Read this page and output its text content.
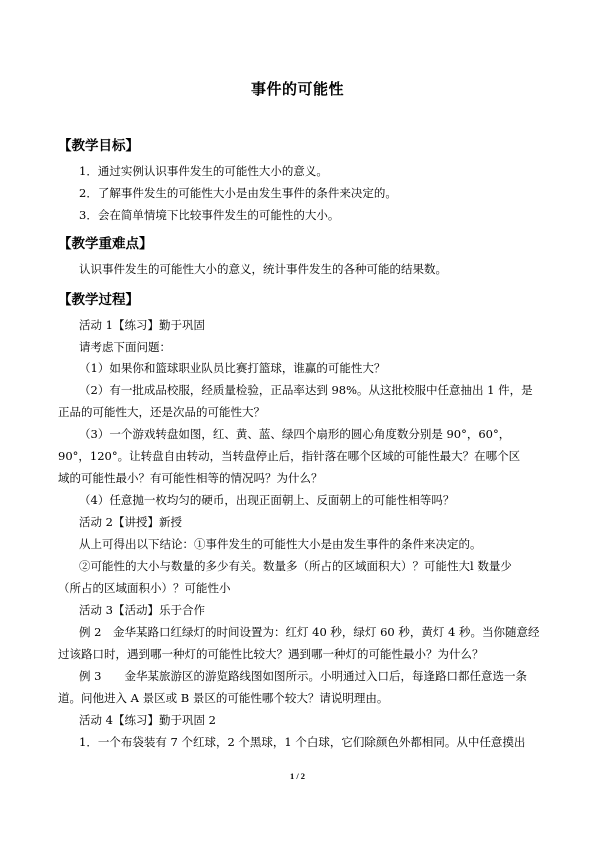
事件的可能性
【教学目标】
1．通过实例认识事件发生的可能性大小的意义。
2．了解事件发生的可能性大小是由发生事件的条件来决定的。
3．会在简单情境下比较事件发生的可能性的大小。
【教学重难点】
认识事件发生的可能性大小的意义，统计事件发生的各种可能的结果数。
【教学过程】
活动 1【练习】勤于巩固
请考虑下面问题：
（1）如果你和篮球职业队员比赛打篮球，谁赢的可能性大？
（2）有一批成品校服，经质量检验，正品率达到 98%。从这批校服中任意抽出 1 件，是
正品的可能性大，还是次品的可能性大？
（3）一个游戏转盘如图，红、黄、蓝、绿四个扇形的圆心角度数分别是 90°，60°，
90°，120°。让转盘自由转动，当转盘停止后，指针落在哪个区域的可能性最大？在哪个区
域的可能性最小？有可能性相等的情况吗？为什么？
（4）任意抛一枚均匀的硬币，出现正面朝上、反面朝上的可能性相等吗？
活动 2【讲授】新授
从上可得出以下结论：①事件发生的可能性大小是由发生事件的条件来决定的。
②可能性的大小与数量的多少有关。数量多（所占的区域面积大）？可能性大l 数量少
（所占的区域面积小）？可能性小
活动 3【活动】乐于合作
例 2　金华某路口红绿灯的时间设置为：红灯 40 秒，绿灯 60 秒，黄灯 4 秒。当你随意经
过该路口时，遇到哪一种灯的可能性比较大？遇到哪一种灯的可能性最小？为什么？
例 3　　金华某旅游区的游览路线图如图所示。小明通过入口后，每逢路口都任意选一条
道。问他进入 A 景区或 B 景区的可能性哪个较大？请说明理由。
活动 4【练习】勤于巩固 2
1．一个布袋装有 7 个红球，2 个黑球，1 个白球，它们除颜色外都相同。从中任意摸出
1 / 2
